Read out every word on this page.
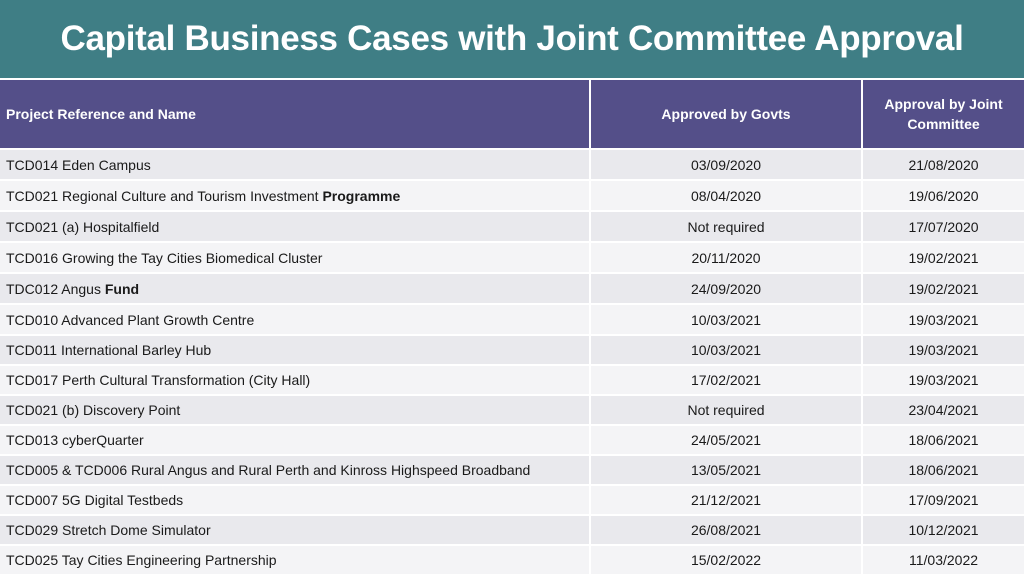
Capital Business Cases with Joint Committee Approval
Project Reference and Name	Approved by Govts	Approval by Joint Committee
TCD014 Eden Campus	03/09/2020	21/08/2020
TCD021 Regional Culture and Tourism Investment Programme	08/04/2020	19/06/2020
TCD021 (a) Hospitalfield	Not required	17/07/2020
TCD016 Growing the Tay Cities Biomedical Cluster	20/11/2020	19/02/2021
TDC012 Angus Fund	24/09/2020	19/02/2021
TCD010 Advanced Plant Growth Centre	10/03/2021	19/03/2021
TCD011 International Barley Hub	10/03/2021	19/03/2021
TCD017 Perth Cultural Transformation (City Hall)	17/02/2021	19/03/2021
TCD021 (b) Discovery Point	Not required	23/04/2021
TCD013 cyberQuarter	24/05/2021	18/06/2021
TCD005 & TCD006 Rural Angus and Rural Perth and Kinross Highspeed Broadband	13/05/2021	18/06/2021
TCD007 5G Digital Testbeds	21/12/2021	17/09/2021
TCD029 Stretch Dome Simulator	26/08/2021	10/12/2021
TCD025 Tay Cities Engineering Partnership	15/02/2022	11/03/2022
